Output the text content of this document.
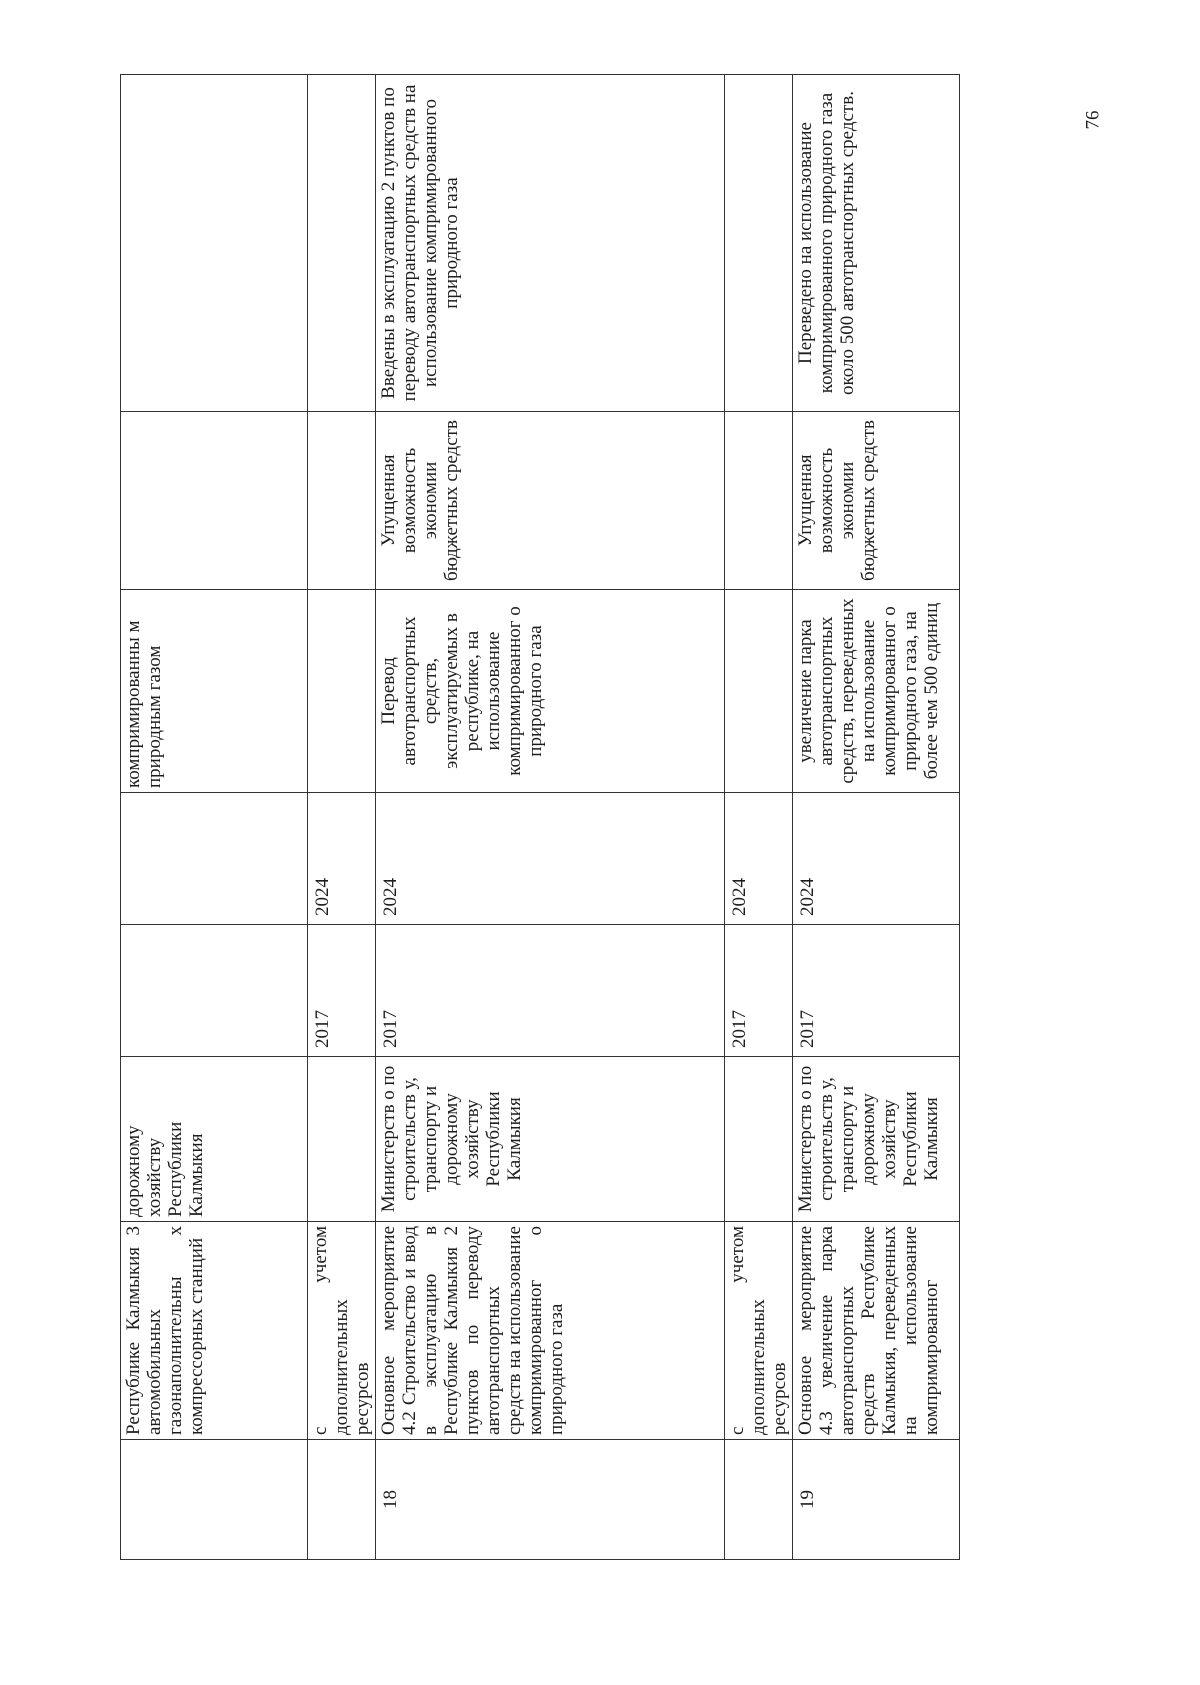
76
	Республике Калмыкия 3 автомобильных газонаполнительны х компрессорных станций	дорожному хозяйству Республики Калмыкия			компримированны м природным газом		
	с учетом дополнительных ресурсов		2017	2024			
18	Основное мероприятие 4.2 Строительство и ввод в эксплуатацию в Республике Калмыкия 2 пунктов по переводу автотранспортных средств на использование компримированног о природного газа	Министерств о по строительств у, транспорту и дорожному хозяйству Республики Калмыкия	2017	2024	Перевод автотранспортных средств, эксплуатируемых в республике, на использование компримированног о природного газа	Упущенная возможность экономии бюджетных средств	Введены в эксплуатацию 2 пунктов по переводу автотранспортных средств на использование компримированного природного газа
	с учетом дополнительных ресурсов		2017	2024			
19	Основное мероприятие 4.3 увеличение парка автотранспортных средств Республике Калмыкия, переведенных на использование компримированног	Министерств о по строительств у, транспорту и дорожному хозяйству Республики Калмыкия	2017	2024	увеличение парка автотранспортных средств, переведенных на использование компримированног о природного газа, на более чем 500 единиц	Упущенная возможность экономии бюджетных средств	Переведено на использование компримированного природного газа около 500 автотранспортных средств.
